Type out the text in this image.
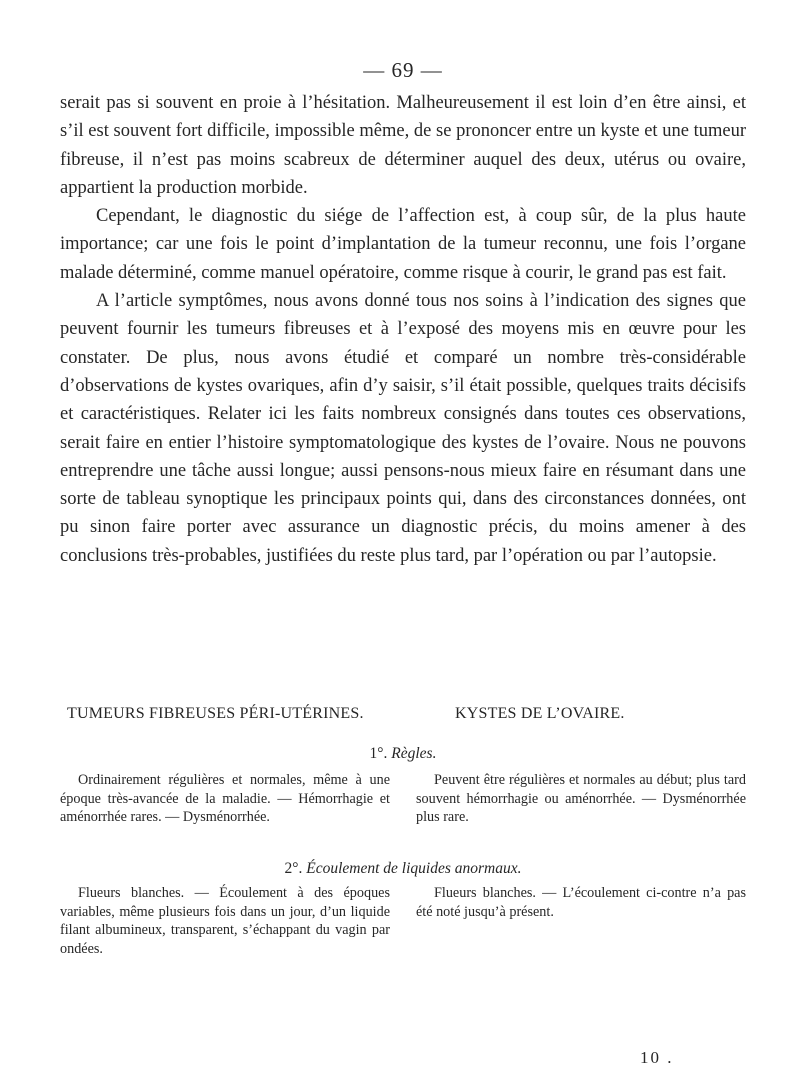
— 69 —

serait pas si souvent en proie à l’hésitation. Malheureusement il est loin d’en être ainsi, et s’il est souvent fort difficile, impossible même, de se prononcer entre un kyste et une tumeur fibreuse, il n’est pas moins scabreux de déterminer auquel des deux, utérus ou ovaire, appartient la production morbide.

Cependant, le diagnostic du siége de l’affection est, à coup sûr, de la plus haute importance; car une fois le point d’implantation de la tumeur reconnu, une fois l’organe malade déterminé, comme manuel opératoire, comme risque à courir, le grand pas est fait.

A l’article symptômes, nous avons donné tous nos soins à l’indication des signes que peuvent fournir les tumeurs fibreuses et à l’exposé des moyens mis en œuvre pour les constater. De plus, nous avons étudié et comparé un nombre très-considérable d’observations de kystes ovariques, afin d’y saisir, s’il était possible, quelques traits décisifs et caractéristiques. Relater ici les faits nombreux consignés dans toutes ces observations, serait faire en entier l’histoire symptomatologique des kystes de l’ovaire. Nous ne pouvons entreprendre une tâche aussi longue; aussi pensons-nous mieux faire en résumant dans une sorte de tableau synoptique les principaux points qui, dans des circonstances données, ont pu sinon faire porter avec assurance un diagnostic précis, du moins amener à des conclusions très-probables, justifiées du reste plus tard, par l’opération ou par l’autopsie.

TUMEURS FIBREUSES PÉRI-UTÉRINES.	KYSTES DE L’OVAIRE.
1°. Règles.

Ordinairement régulières et normales, même à une époque très-avancée de la maladie. — Hémorrhagie et aménorrhée rares. — Dysménorrhée.

Peuvent être régulières et normales au début; plus tard souvent hémorrhagie ou aménorrhée. — Dysménorrhée plus rare.

2°. Écoulement de liquides anormaux.

Flueurs blanches. — Écoulement à des époques variables, même plusieurs fois dans un jour, d’un liquide filant albumineux, transparent, s’échappant du vagin par ondées.

Flueurs blanches. — L’écoulement ci-contre n’a pas été noté jusqu’à présent.

10 .
